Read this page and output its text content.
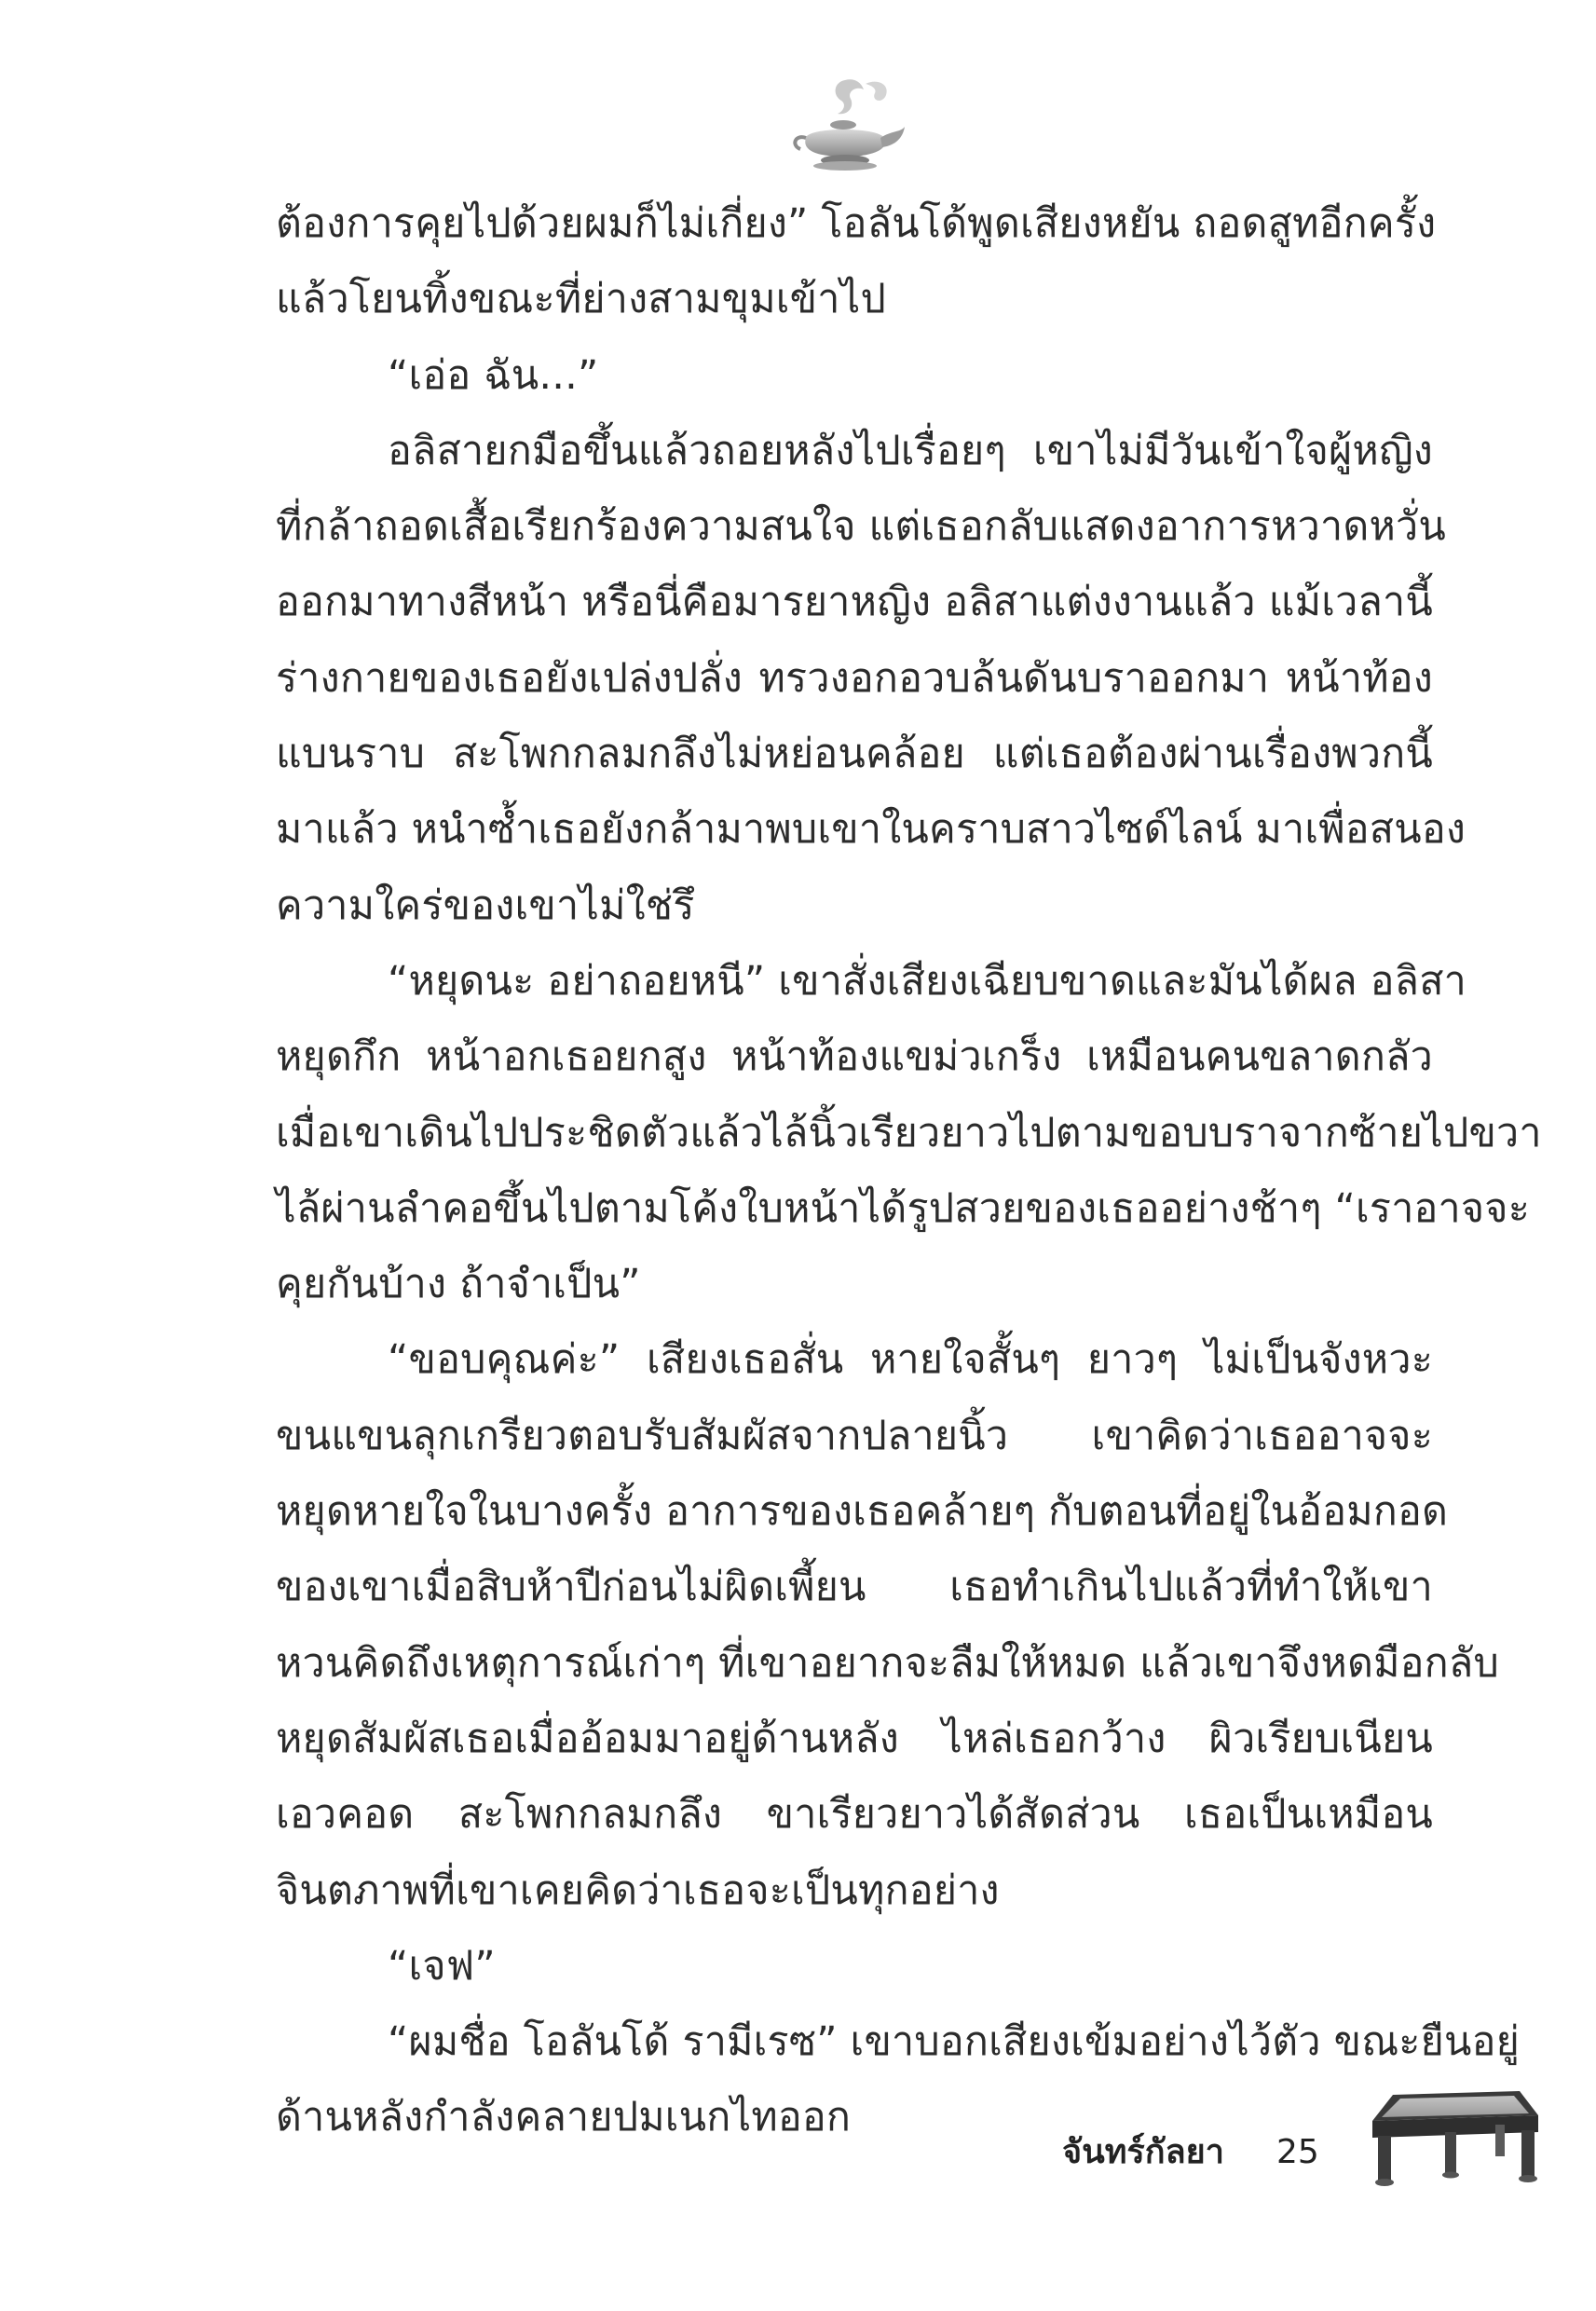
ต้องการคุยไปด้วยผมก็ไม่เกี่ยง” โอลันโด้พูดเสียงหยัน ถอดสูทอีกครั้ง
แล้วโยนทิ้งขณะที่ย่างสามขุมเข้าไป
“เอ่อ ฉัน...”
อลิสายกมือขึ้นแล้วถอยหลังไปเรื่อยๆ เขาไม่มีวันเข้าใจผู้หญิง
ที่กล้าถอดเสื้อเรียกร้องความสนใจ แต่เธอกลับแสดงอาการหวาดหวั่น
ออกมาทางสีหน้า หรือนี่คือมารยาหญิง อลิสาแต่งงานแล้ว แม้เวลานี้
ร่างกายของเธอยังเปล่งปลั่ง ทรวงอกอวบล้นดันบราออกมา หน้าท้อง
แบนราบ สะโพกกลมกลึงไม่หย่อนคล้อย แต่เธอต้องผ่านเรื่องพวกนี้
มาแล้ว หนำซ้ำเธอยังกล้ามาพบเขาในคราบสาวไซด์ไลน์ มาเพื่อสนอง
ความใคร่ของเขาไม่ใช่รึ
“หยุดนะ อย่าถอยหนี” เขาสั่งเสียงเฉียบขาดและมันได้ผล อลิสา
หยุดกึก หน้าอกเธอยกสูง หน้าท้องแขม่วเกร็ง เหมือนคนขลาดกลัว
เมื่อเขาเดินไปประชิดตัวแล้วไล้นิ้วเรียวยาวไปตามขอบบราจากซ้ายไปขวา
ไล้ผ่านลำคอขึ้นไปตามโค้งใบหน้าได้รูปสวยของเธออย่างช้าๆ “เราอาจจะ
คุยกันบ้าง ถ้าจำเป็น”
“ขอบคุณค่ะ” เสียงเธอสั่น หายใจสั้นๆ ยาวๆ ไม่เป็นจังหวะ
ขนแขนลุกเกรียวตอบรับสัมผัสจากปลายนิ้ว เขาคิดว่าเธออาจจะ
หยุดหายใจในบางครั้ง อาการของเธอคล้ายๆ กับตอนที่อยู่ในอ้อมกอด
ของเขาเมื่อสิบห้าปีก่อนไม่ผิดเพี้ยน เธอทำเกินไปแล้วที่ทำให้เขา
หวนคิดถึงเหตุการณ์เก่าๆ ที่เขาอยากจะลืมให้หมด แล้วเขาจึงหดมือกลับ
หยุดสัมผัสเธอเมื่ออ้อมมาอยู่ด้านหลัง ไหล่เธอกว้าง ผิวเรียบเนียน
เอวคอด สะโพกกลมกลึง ขาเรียวยาวได้สัดส่วน เธอเป็นเหมือน
จินตภาพที่เขาเคยคิดว่าเธอจะเป็นทุกอย่าง
“เจฟ”
“ผมชื่อ โอลันโด้ รามีเรซ” เขาบอกเสียงเข้มอย่างไว้ตัว ขณะยืนอยู่
ด้านหลังกำลังคลายปมเนกไทออก
จันทร์กัลยา 25
